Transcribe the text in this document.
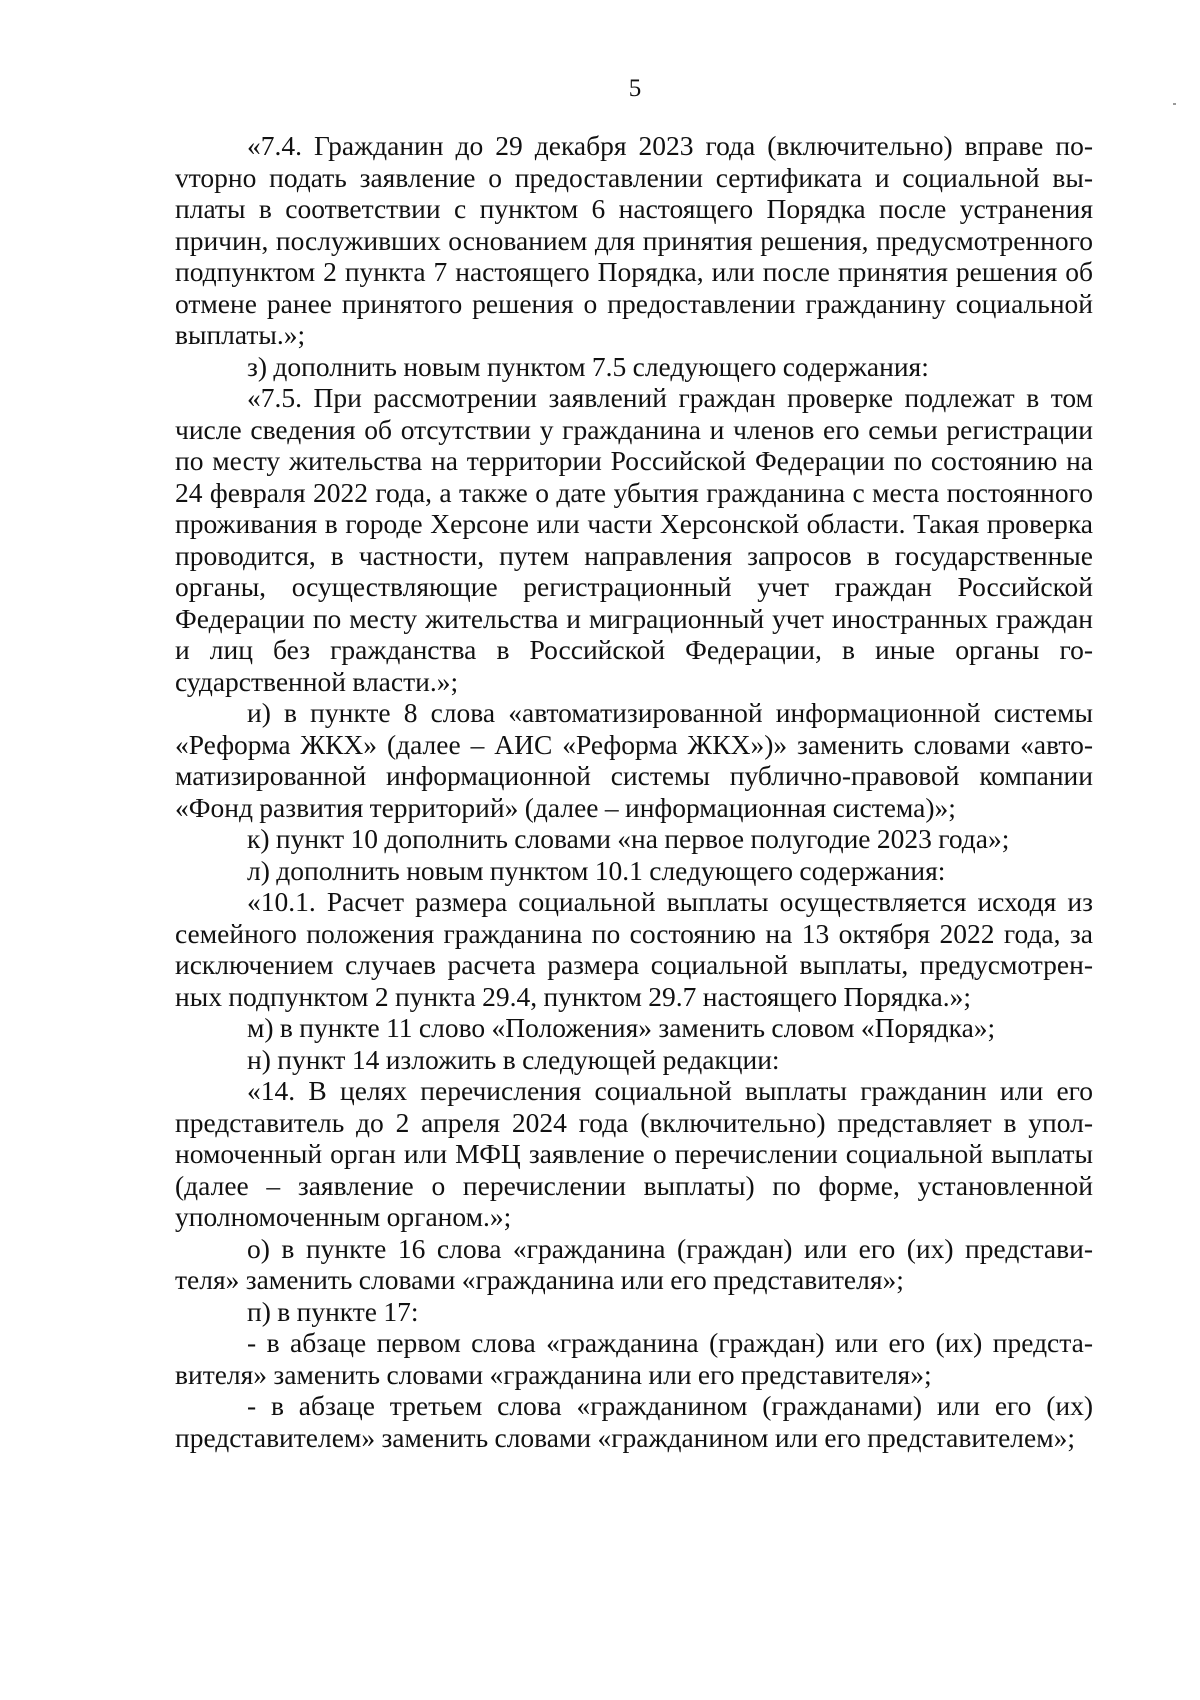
5

«7.4. Гражданин до 29 декабря 2023 года (включительно) вправе поvторно подать заявление о предоставлении сертификата и социальной выплаты в соответствии с пунктом 6 настоящего Порядка после устранения причин, послуживших основанием для принятия решения, предусмотренного подпунктом 2 пункта 7 настоящего Порядка, или после принятия решения об отмене ранее принятого решения о предоставлении гражданину социальной выплаты.»;

з) дополнить новым пунктом 7.5 следующего содержания:

«7.5. При рассмотрении заявлений граждан проверке подлежат в том числе сведения об отсутствии у гражданина и членов его семьи регистрации по месту жительства на территории Российской Федерации по состоянию на 24 февраля 2022 года, а также о дате убытия гражданина с места постоянного проживания в городе Херсоне или части Херсонской области. Такая проверка проводится, в частности, путем направления запросов в государственные органы, осуществляющие регистрационный учет граждан Российской Федерации по месту жительства и миграционный учет иностранных граждан и лиц без гражданства в Российской Федерации, в иные органы государственной власти.»;

и) в пункте 8 слова «автоматизированной информационной системы «Реформа ЖКХ» (далее – АИС «Реформа ЖКХ»)» заменить словами «автоматизированной информационной системы публично-правовой компании «Фонд развития территорий» (далее – информационная система)»;

к) пункт 10 дополнить словами «на первое полугодие 2023 года»;

л) дополнить новым пунктом 10.1 следующего содержания:

«10.1. Расчет размера социальной выплаты осуществляется исходя из семейного положения гражданина по состоянию на 13 октября 2022 года, за исключением случаев расчета размера социальной выплаты, предусмотренных подпунктом 2 пункта 29.4, пунктом 29.7 настоящего Порядка.»;

м) в пункте 11 слово «Положения» заменить словом «Порядка»;

н) пункт 14 изложить в следующей редакции:

«14. В целях перечисления социальной выплаты гражданин или его представитель до 2 апреля 2024 года (включительно) представляет в уполномоченный орган или МФЦ заявление о перечислении социальной выплаты (далее – заявление о перечислении выплаты) по форме, установленной уполномоченным органом.»;

о) в пункте 16 слова «гражданина (граждан) или его (их) представителя» заменить словами «гражданина или его представителя»;

п) в пункте 17:

- в абзаце первом слова «гражданина (граждан) или его (их) представителя» заменить словами «гражданина или его представителя»;

- в абзаце третьем слова «гражданином (гражданами) или его (их) представителем» заменить словами «гражданином или его представителем»;
